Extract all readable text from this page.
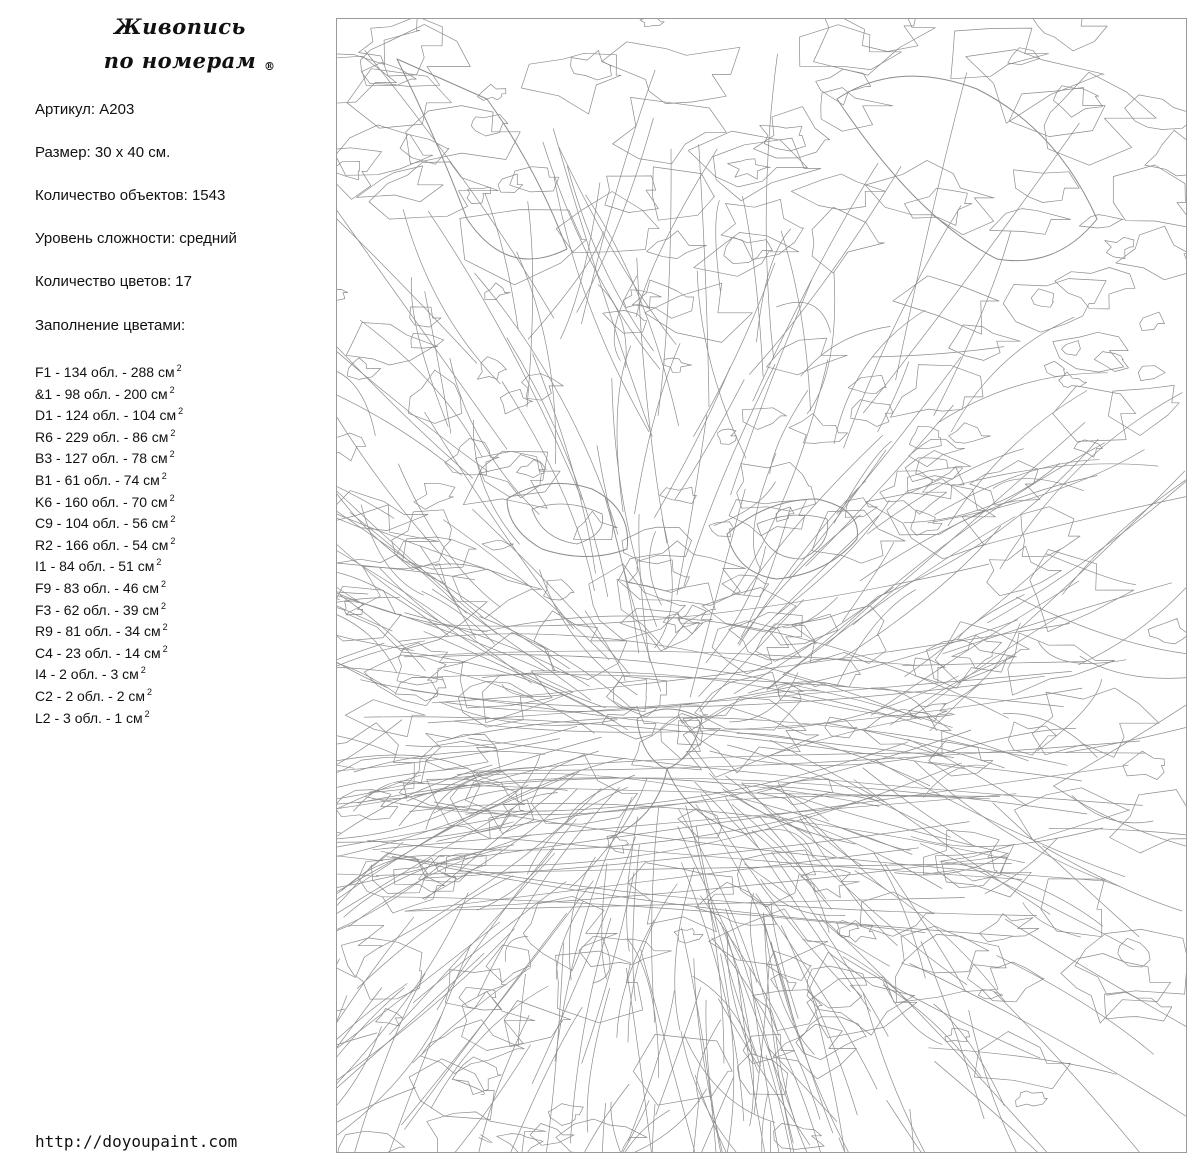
Живопись
по номерам ®
Артикул: А203
Размер: 30 х 40 см.
Количество объектов: 1543
Уровень сложности: средний
Количество цветов: 17
Заполнение цветами:
F1 - 134 обл. - 288 см $^2$
&1 - 98 обл. - 200 см $^2$
D1 - 124 обл. - 104 см $^2$
R6 - 229 обл. - 86 см $^2$
B3 - 127 обл. - 78 см $^2$
B1 - 61 обл. - 74 см $^2$
K6 - 160 обл. - 70 см $^2$
C9 - 104 обл. - 56 см $^2$
R2 - 166 обл. - 54 см $^2$
I1 - 84 обл. - 51 см $^2$
F9 - 83 обл. - 46 см $^2$
F3 - 62 обл. - 39 см $^2$
R9 - 81 обл. - 34 см $^2$
C4 - 23 обл. - 14 см $^2$
I4 - 2 обл. - 3 см $^2$
C2 - 2 обл. - 2 см $^2$
L2 - 3 обл. - 1 см $^2$
http://doyoupaint.com
